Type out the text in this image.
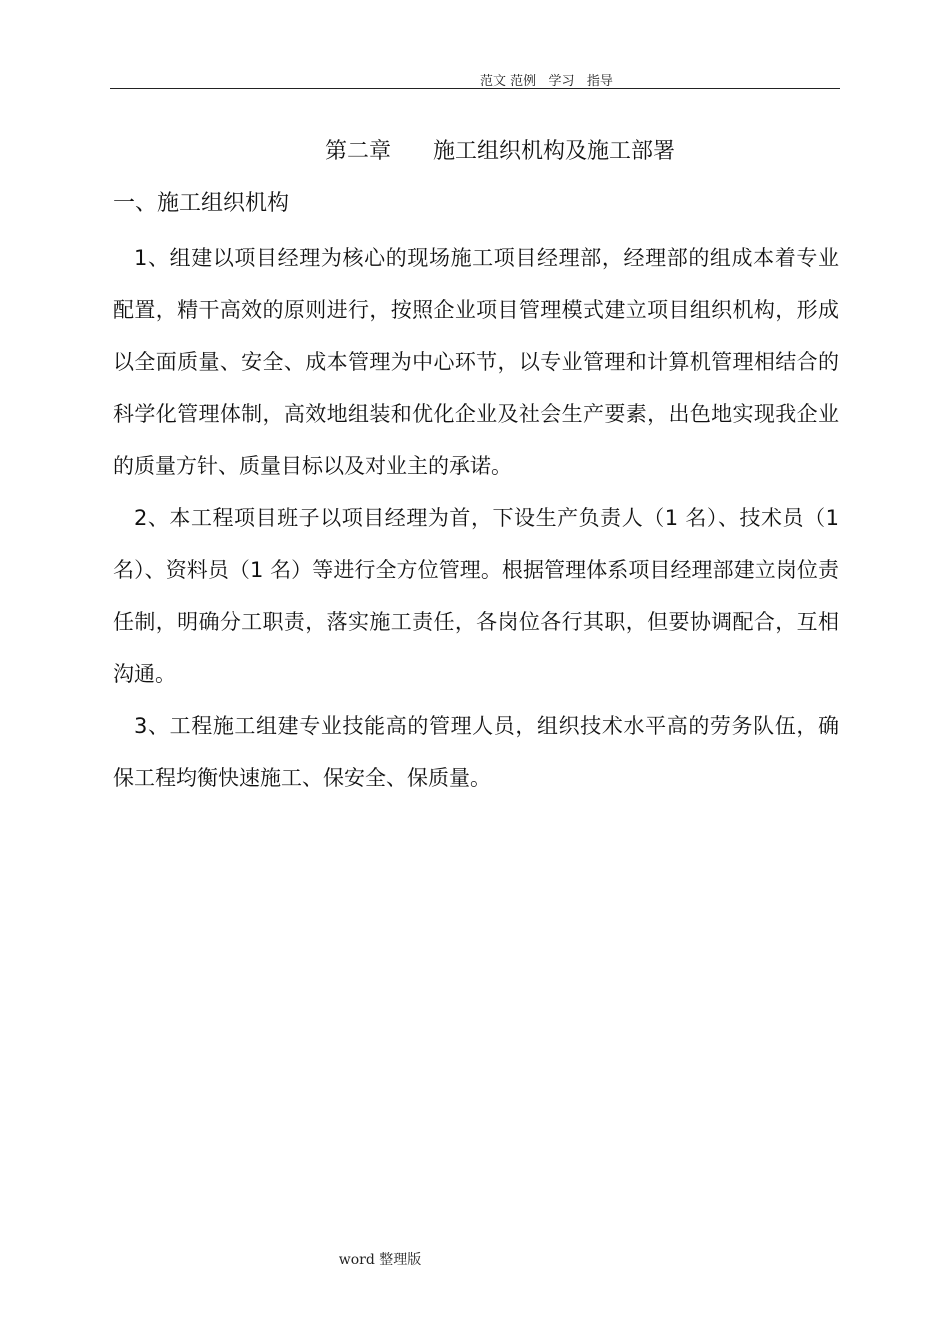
范文 范例   学习   指导
第二章      施工组织机构及施工部署
一、施工组织机构

1、组建以项目经理为核心的现场施工项目经理部，经理部的组成本着专业配置，精干高效的原则进行，按照企业项目管理模式建立项目组织机构，形成以全面质量、安全、成本管理为中心环节，以专业管理和计算机管理相结合的科学化管理体制，高效地组装和优化企业及社会生产要素，出色地实现我企业的质量方针、质量目标以及对业主的承诺。

2、本工程项目班子以项目经理为首，下设生产负责人（1 名）、技术员（1名）、资料员（1 名）等进行全方位管理。根据管理体系项目经理部建立岗位责任制，明确分工职责，落实施工责任，各岗位各行其职，但要协调配合，互相沟通。

3、工程施工组建专业技能高的管理人员，组织技术水平高的劳务队伍，确保工程均衡快速施工、保安全、保质量。

word 整理版
